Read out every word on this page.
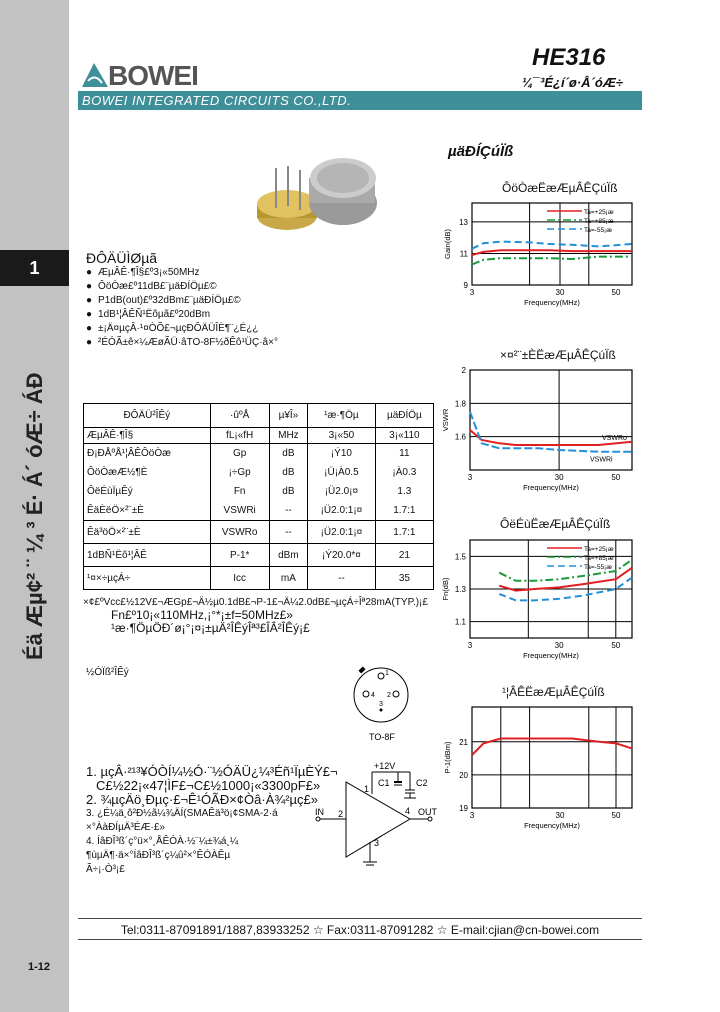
1
Éä Æµ¢² ¨ ¼ ³ É· Á´ óÆ÷ ÁÐ
1-12
BOWEI
BOWEI INTEGRATED CIRCUITS CO.,LTD.
HE316
¼¯³É¿í´ø·Å´óÆ÷
ÐÔÄÜÌØµã
● ÆµÂÊ·¶Î§£º3¡«50MHz
● ÔöÒæ£º11dB£¨µäÐÍÖµ£©
● P1dB(out)£º32dBm£¨µäÐÍÖµ£©
● 1dB¹¦ÂÊÑ¹Ëõµã£º20dBm
● ±¡Ä¤µçÂ·¹¤ÒÕ£¬µçÐÔÄÜÎÈ¶¨¿É¿¿
● ²ÉÓÃ±ê×¼ÆøÃÜ·âTO-8F½ðÊô¹ÜÇ·â×°
ÐÔÄÜ²ÎÊý	·ûºÅ	µ¥Î»	¹æ·¶Öµ	µäÐÍÖµ
ÆµÂÊ·¶Î§	fL¡«fH	MHz	3¡«50	3¡«110
Ð¡ÐÅºÅ¹¦ÂÊÔöÒæ	Gp	dB	¡Ý10	11
ÔöÒæÆ½¶È	¡÷Gp	dB	¡Ü¡À0.5	¡À0.3
ÔëÉùÏµÊý	Fn	dB	¡Ü2.0¡¤	1.3
ÊäÈëÖ×²¨±È	VSWRi	--	¡Ü2.0:1¡¤	1.7:1
Êä³öÖ×²¨±È	VSWRo	--	¡Ü2.0:1¡¤	1.7:1
1dBÑ¹Ëõ¹¦ÂÊ	P-1*	dBm	¡Ý20.0*¤	21
¹¤×÷µçÁ÷	Icc	mA	--	35
×¢£ºVcc£½12V£¬ÆGp£¬Ä½µ0.1dB£¬P-1£¬Ä¼2.0dB£¬µçÁ÷Îª28mA(TYP.)¡£
Fn£º10¡«110MHz,¡°*¡±f=50MHz£»
¹æ·¶ÖµÖÐ´ø¡°¡¤¡±µÄ²ÎÊýÎª³£ÎÂ²ÎÊý¡£
µäÐÍÇúÏß
ÔöÒæËæÆµÂÊÇúÏß
13
11
9
3	30	50
Frequency(MHz)
Gain(dB)
Ta=+25¡æ
Ta=+85¡æ
Ta=-55¡æ
×¤²¨±ÈËæÆµÂÊÇúÏß
2
1.8
1.6
3	30	50
Frequency(MHz)
VSWR
VSWRo
VSWRi
ÔëÉùËæÆµÂÊÇúÏß
1.5
1.3
1.1
3	30	50
Frequency(MHz)
Fn(dB)
Ta=+25¡æ
Ta=+85¡æ
Ta=-55¡æ
¹¦ÂÊËæÆµÂÊÇúÏß
21
20
19
3	30	50
Frequency(MHz)
P-1(dBm)
½ÓÏß²ÎÊý
4 2
3
1
TO-8F
+12V
C1	C2
IN	OUT
2	4
3
1
1. µçÂ·²¹³¥ÓÒÍ¼½Ó·¨½ÓÄÜ¿¼³Éñ¹ÏµÈÝ£¬
C£½22¡«47¦ÌF£¬C£½1000¡«3300pF£»
2. ¾µçÄö¸Ðµç·£¬Ê¹ÓÃÐ×¢Òâ·À¾²µç£»
3. ¿É¼ä¸ô²Ð½ã¼¾ÄÍ(SMAÊä³ö¡¢SMA-2·á
×°ÀàÐÍµÄ³ÉÆ·£»
4. ÍâÐÎ³ß´ç°ü×°¸ÅÊÓÀ·½¨¼±¾á¸¼
¶ùµÄ¶·ä×°ÍâÐÎ³ß´ç¼û²×°ÊÓÀÊµ
Ã÷¡·Ò³¡£
Tel:0311-87091891/1887,83933252 ☆ Fax:0311-87091282 ☆ E-mail:cjian@cn-bowei.com
